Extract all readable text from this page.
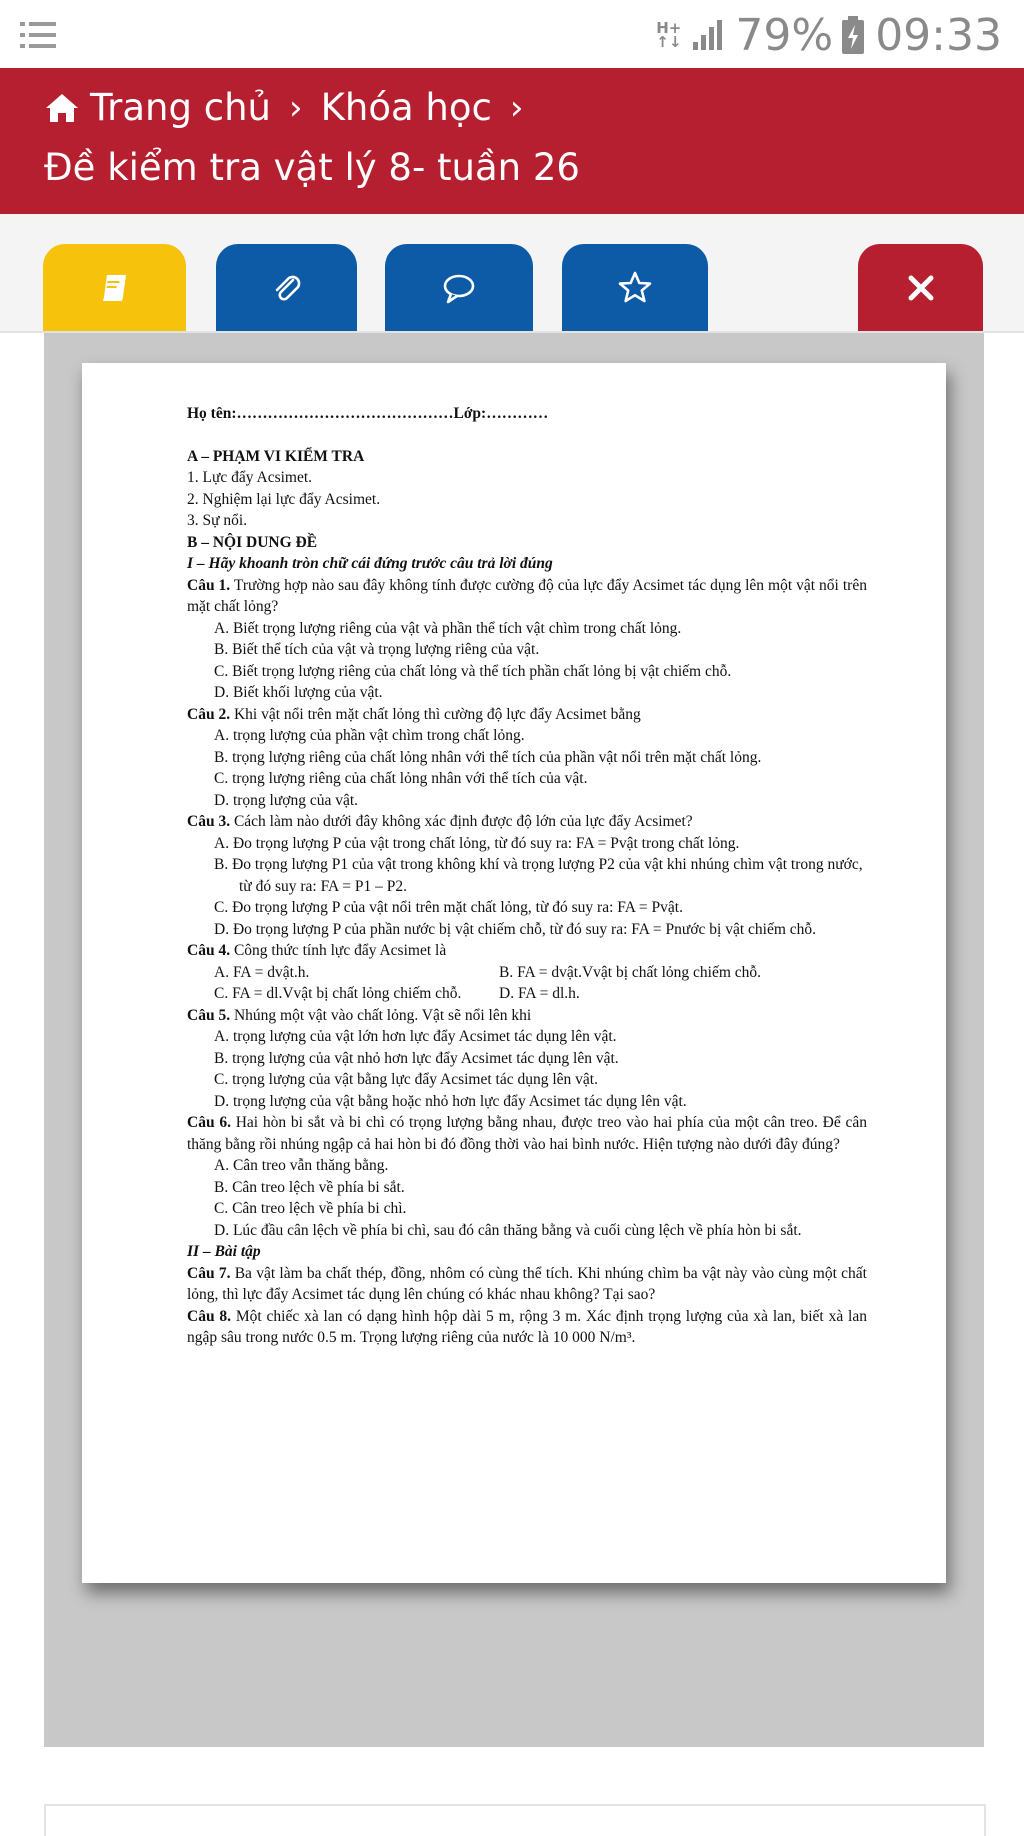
H+
↑↓ 79% 09:33
Trang chủ › Khóa học ›
Đề kiểm tra vật lý 8- tuần 26

Họ tên:……………………………………Lớp:…………

A – PHẠM VI KIỂM TRA

1. Lực đẩy Acsimet.

2. Nghiệm lại lực đẩy Acsimet.

3. Sự nổi.

B – NỘI DUNG ĐỀ

I – Hãy khoanh tròn chữ cái đứng trước câu trả lời đúng

Câu 1. Trường hợp nào sau đây không tính được cường độ của lực đẩy Acsimet tác dụng lên một vật nổi trên mặt chất lỏng?

A. Biết trọng lượng riêng của vật và phần thể tích vật chìm trong chất lỏng.

B. Biết thể tích của vật và trọng lượng riêng của vật.

C. Biết trọng lượng riêng của chất lỏng và thể tích phần chất lỏng bị vật chiếm chỗ.

D. Biết khối lượng của vật.

Câu 2. Khi vật nổi trên mặt chất lỏng thì cường độ lực đẩy Acsimet bằng

A. trọng lượng của phần vật chìm trong chất lỏng.

B. trọng lượng riêng của chất lỏng nhân với thể tích của phần vật nổi trên mặt chất lỏng.

C. trọng lượng riêng của chất lỏng nhân với thể tích của vật.

D. trọng lượng của vật.

Câu 3. Cách làm nào dưới đây không xác định được độ lớn của lực đẩy Acsimet?

A. Đo trọng lượng P của vật trong chất lỏng, từ đó suy ra: FA = Pvật trong chất lỏng.

B. Đo trọng lượng P1 của vật trong không khí và trọng lượng P2 của vật khi nhúng chìm vật trong nước, từ đó suy ra: FA = P1 – P2.

C. Đo trọng lượng P của vật nổi trên mặt chất lỏng, từ đó suy ra: FA = Pvật.

D. Đo trọng lượng P của phần nước bị vật chiếm chỗ, từ đó suy ra: FA = Pnước bị vật chiếm chỗ.

Câu 4. Công thức tính lực đẩy Acsimet là

A. FA = dvật.h.	B. FA = dvật.Vvật bị chất lỏng chiếm chỗ.
C. FA = dl.Vvật bị chất lỏng chiếm chỗ.	D. FA = dl.h.

Câu 5. Nhúng một vật vào chất lỏng. Vật sẽ nổi lên khi

A. trọng lượng của vật lớn hơn lực đẩy Acsimet tác dụng lên vật.

B. trọng lượng của vật nhỏ hơn lực đẩy Acsimet tác dụng lên vật.

C. trọng lượng của vật bằng lực đẩy Acsimet tác dụng lên vật.

D. trọng lượng của vật bằng hoặc nhỏ hơn lực đẩy Acsimet tác dụng lên vật.

Câu 6. Hai hòn bi sắt và bi chì có trọng lượng bằng nhau, được treo vào hai phía của một cân treo. Để cân thăng bằng rồi nhúng ngập cả hai hòn bi đó đồng thời vào hai bình nước. Hiện tượng nào dưới đây đúng?

A. Cân treo vẫn thăng bằng.

B. Cân treo lệch về phía bi sắt.

C. Cân treo lệch về phía bi chì.

D. Lúc đầu cân lệch về phía bi chì, sau đó cân thăng bằng và cuối cùng lệch về phía hòn bi sắt.

II – Bài tập

Câu 7. Ba vật làm ba chất thép, đồng, nhôm có cùng thể tích. Khi nhúng chìm ba vật này vào cùng một chất lỏng, thì lực đẩy Acsimet tác dụng lên chúng có khác nhau không? Tại sao?

Câu 8. Một chiếc xà lan có dạng hình hộp dài 5 m, rộng 3 m. Xác định trọng lượng của xà lan, biết xà lan ngập sâu trong nước 0.5 m. Trọng lượng riêng của nước là 10 000 N/m³.
